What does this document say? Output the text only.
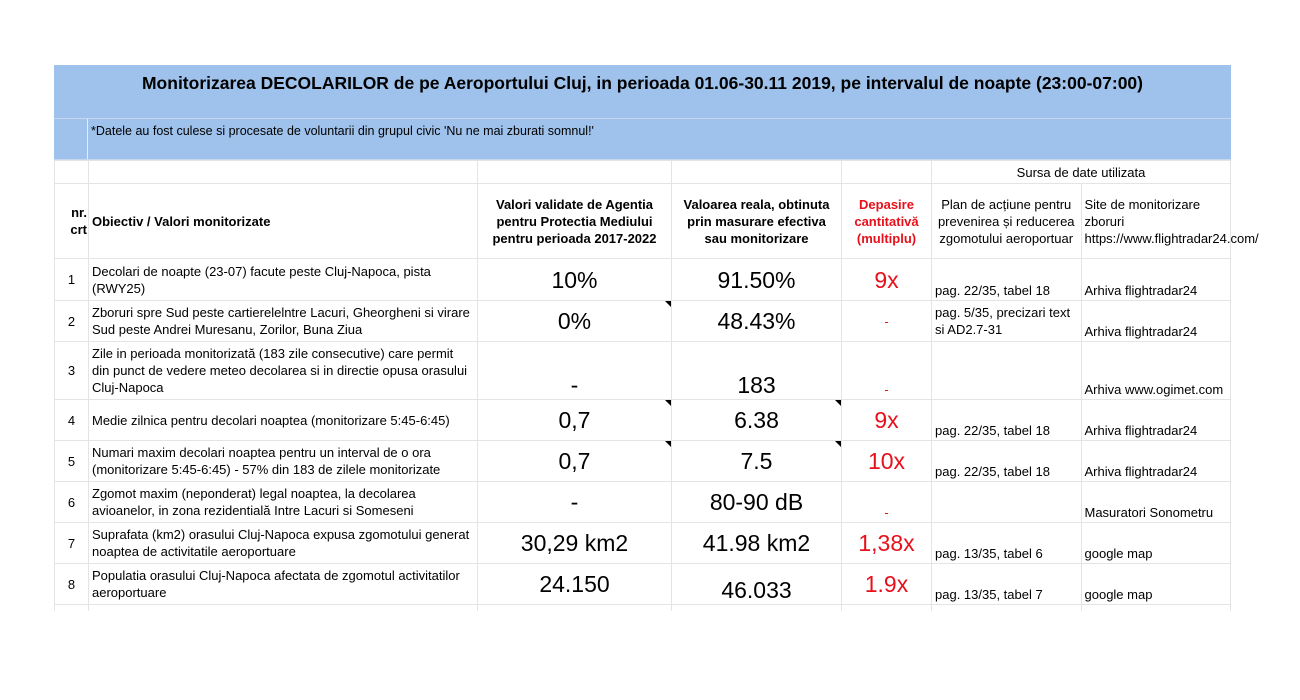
Monitorizarea DECOLARILOR de pe Aeroportului Cluj, in perioada 01.06-30.11 2019, pe intervalul de noapte (23:00-07:00)
*Datele au fost culese si procesate de voluntarii din grupul civic 'Nu ne mai zburati somnul!'
					Sursa de date utilizata	
nr.
crt	Obiectiv / Valori monitorizate	Valori validate de Agentia pentru Protectia Mediului pentru perioada 2017-2022	Valoarea reala, obtinuta prin masurare efectiva sau monitorizare	Depasire cantitativă (multiplu)	Plan de acțiune pentru prevenirea și reducerea zgomotului aeroportuar	Site de monitorizare zboruri https://www.flightradar24.com/
1	Decolari de noapte (23-07) facute peste Cluj-Napoca, pista (RWY25)	10%	91.50%	9x	pag. 22/35, tabel 18	Arhiva flightradar24
2	Zboruri spre Sud peste cartierelelntre Lacuri, Gheorgheni si virare Sud peste Andrei Muresanu, Zorilor, Buna Ziua	0%	48.43%	-	pag. 5/35, precizari text si AD2.7-31	Arhiva flightradar24
3	Zile in perioada monitorizată (183 zile consecutive) care permit din punct de vedere meteo decolarea si in directie opusa orasului Cluj-Napoca	-	183	-		Arhiva www.ogimet.com
4	Medie zilnica pentru decolari noaptea (monitorizare 5:45-6:45)	0,7	6.38	9x	pag. 22/35, tabel 18	Arhiva flightradar24
5	Numari maxim decolari noaptea pentru un interval de o ora (monitorizare 5:45-6:45) - 57% din 183 de zilele monitorizate	0,7	7.5	10x	pag. 22/35, tabel 18	Arhiva flightradar24
6	Zgomot maxim (neponderat) legal noaptea, la decolarea avioanelor, in zona rezidentială Intre Lacuri si Someseni	-	80-90 dB	-		Masuratori Sonometru
7	Suprafata (km2) orasului Cluj-Napoca expusa zgomotului generat noaptea de activitatile aeroportuare	30,29 km2	41.98 km2	1,38x	pag. 13/35, tabel 6	google map
8	Populatia orasului Cluj-Napoca afectata de zgomotul activitatilor aeroportuare	24.150	46.033	1.9x	pag. 13/35, tabel 7	google map
